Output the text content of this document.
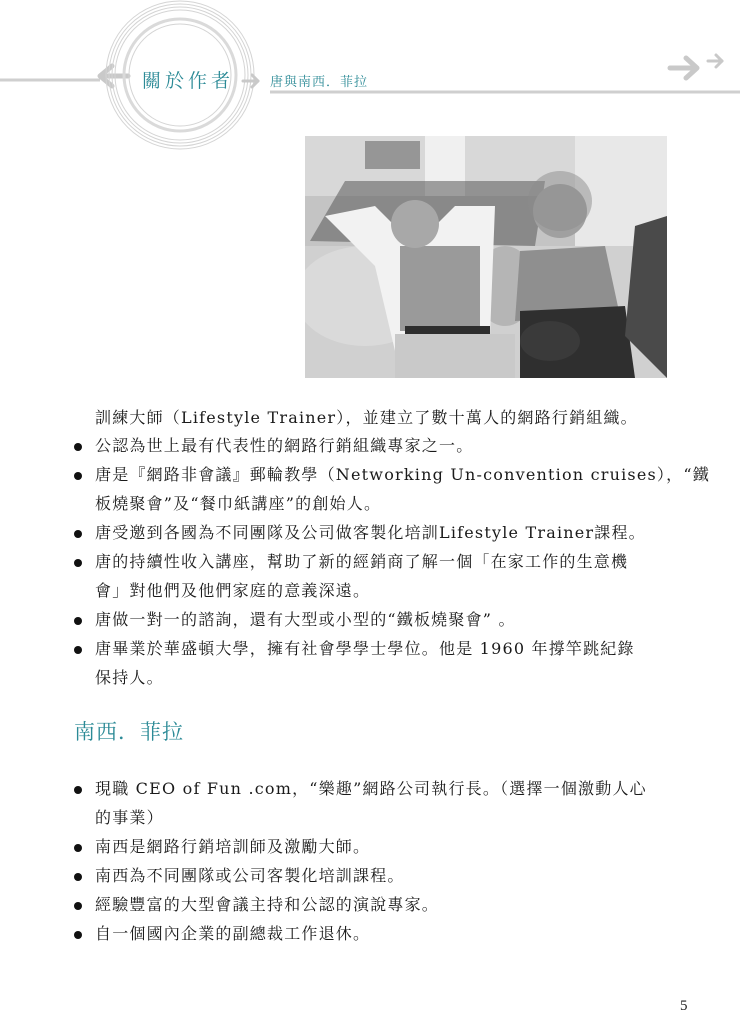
關於作者	唐與南西．菲拉
訓練大師（Lifestyle Trainer），並建立了數十萬人的網路行銷組織。
公認為世上最有代表性的網路行銷組織專家之一。
唐是『網路非會議』郵輪教學（Networking Un-convention cruises），“鐵
板燒聚會”及“餐巾紙講座”的創始人。
唐受邀到各國為不同團隊及公司做客製化培訓Lifestyle Trainer課程。
唐的持續性收入講座，幫助了新的經銷商了解一個「在家工作的生意機
會」對他們及他們家庭的意義深遠。
唐做一對一的諮詢，還有大型或小型的“鐵板燒聚會” 。
唐畢業於華盛頓大學，擁有社會學學士學位。他是 1960 年撐竿跳紀錄
保持人。
南西．菲拉
現職 CEO of Fun .com，“樂趣”網路公司執行長。（選擇一個激動人心
的事業）
南西是網路行銷培訓師及激勵大師。
南西為不同團隊或公司客製化培訓課程。
經驗豐富的大型會議主持和公認的演說專家。
自一個國內企業的副總裁工作退休。
5
